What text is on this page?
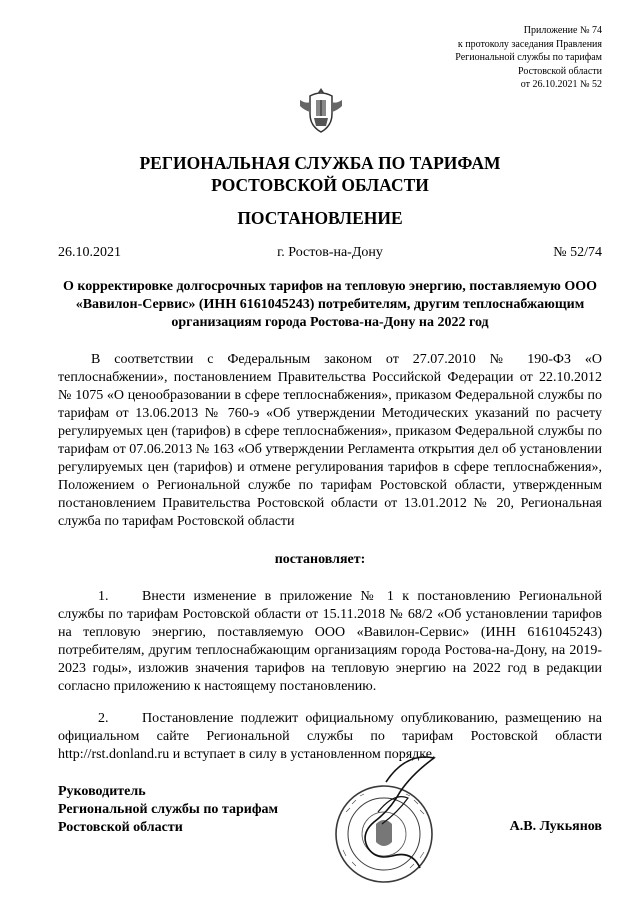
Приложение № 74
к протоколу заседания Правления
Региональной службы по тарифам
Ростовской области
от 26.10.2021 № 52
РЕГИОНАЛЬНАЯ СЛУЖБА ПО ТАРИФАМ
РОСТОВСКОЙ ОБЛАСТИ
ПОСТАНОВЛЕНИЕ
26.10.2021	г. Ростов-на-Дону	№ 52/74
О корректировке долгосрочных тарифов на тепловую энергию, поставляемую ООО «Вавилон-Сервис» (ИНН 6161045243) потребителям, другим теплоснабжающим организациям города Ростова-на-Дону на 2022 год
В соответствии с Федеральным законом от 27.07.2010 № 190-ФЗ «О теплоснабжении», постановлением Правительства Российской Федерации от 22.10.2012 № 1075 «О ценообразовании в сфере теплоснабжения», приказом Федеральной службы по тарифам от 13.06.2013 № 760-э «Об утверждении Методических указаний по расчету регулируемых цен (тарифов) в сфере теплоснабжения», приказом Федеральной службы по тарифам от 07.06.2013 № 163 «Об утверждении Регламента открытия дел об установлении регулируемых цен (тарифов) и отмене регулирования тарифов в сфере теплоснабжения», Положением о Региональной службе по тарифам Ростовской области, утвержденным постановлением Правительства Ростовской области от 13.01.2012 № 20, Региональная служба по тарифам Ростовской области
постановляет:
1. Внести изменение в приложение № 1 к постановлению Региональной службы по тарифам Ростовской области от 15.11.2018 № 68/2 «Об установлении тарифов на тепловую энергию, поставляемую ООО «Вавилон-Сервис» (ИНН 6161045243) потребителям, другим теплоснабжающим организациям города Ростова-на-Дону, на 2019-2023 годы», изложив значения тарифов на тепловую энергию на 2022 год в редакции согласно приложению к настоящему постановлению.
2. Постановление подлежит официальному опубликованию, размещению на официальном сайте Региональной службы по тарифам Ростовской области http://rst.donland.ru и вступает в силу в установленном порядке.
Руководитель
Региональной службы по тарифам
Ростовской области	А.В. Лукьянов
